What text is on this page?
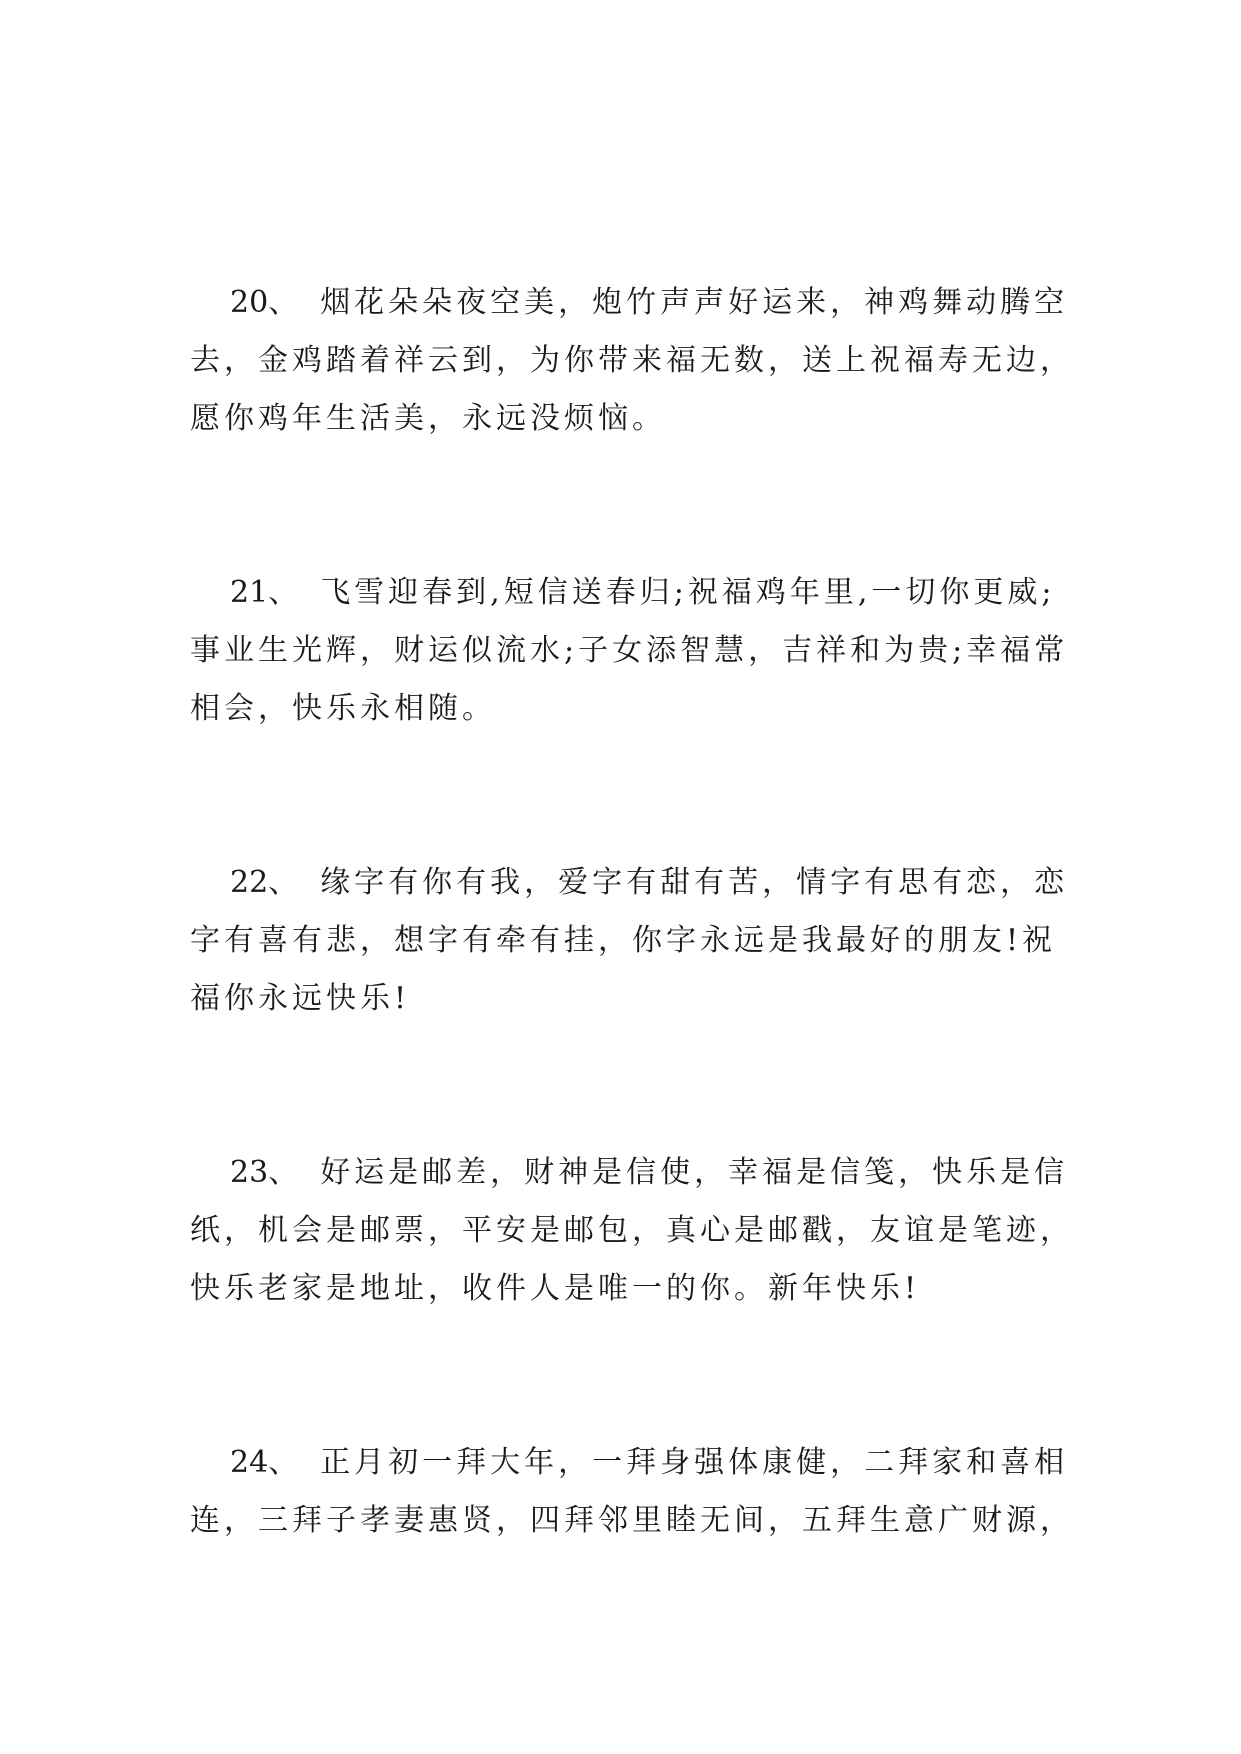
20、 烟花朵朵夜空美，炮竹声声好运来，神鸡舞动腾空
去，金鸡踏着祥云到，为你带来福无数，送上祝福寿无边，
愿你鸡年生活美，永远没烦恼。
21、 飞雪迎春到,短信送春归;祝福鸡年里,一切你更威;
事业生光辉，财运似流水;子女添智慧，吉祥和为贵;幸福常
相会，快乐永相随。
22、 缘字有你有我，爱字有甜有苦，情字有思有恋，恋
字有喜有悲，想字有牵有挂，你字永远是我最好的朋友!祝
福你永远快乐!
23、 好运是邮差，财神是信使，幸福是信笺，快乐是信
纸，机会是邮票，平安是邮包，真心是邮戳，友谊是笔迹，
快乐老家是地址，收件人是唯一的你。新年快乐!
24、 正月初一拜大年，一拜身强体康健，二拜家和喜相
连，三拜子孝妻惠贤，四拜邻里睦无间，五拜生意广财源，
